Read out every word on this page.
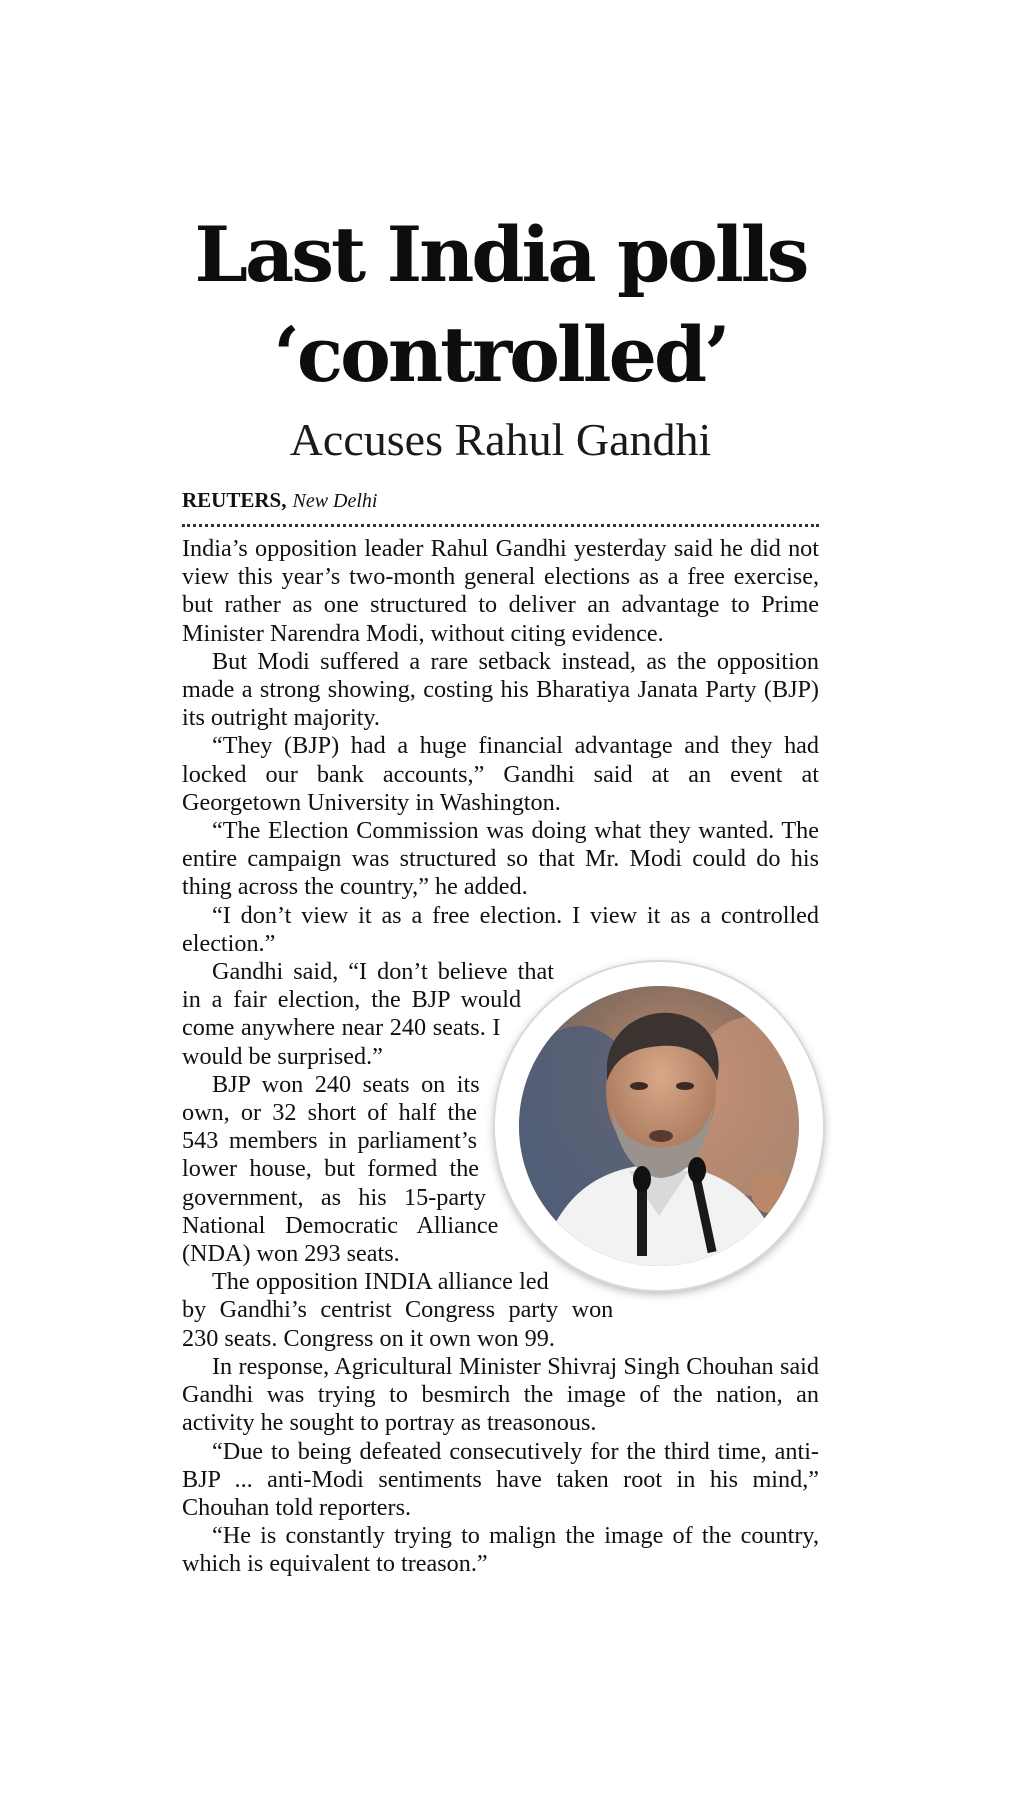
Last India polls
‘controlled’
Accuses Rahul Gandhi
REUTERS, New Delhi

India’s opposition leader Rahul Gandhi yesterday said he did not view this year’s two-month general elections as a free exercise, but rather as one structured to deliver an advantage to Prime Minister Narendra Modi, without citing evidence.

But Modi suffered a rare setback instead, as the opposition made a strong showing, costing his Bharatiya Janata Party (BJP) its outright majority.

“They (BJP) had a huge financial advantage and they had locked our bank accounts,” Gandhi said at an event at Georgetown University in Washington.

“The Election Commission was doing what they wanted. The entire campaign was structured so that Mr. Modi could do his thing across the country,” he added.

“I don’t view it as a free election. I view it as a controlled election.”

Gandhi said, “I don’t believe that in a fair election, the BJP would come anywhere near 240 seats. I would be surprised.”

BJP won 240 seats on its own, or 32 short of half the 543 members in parliament’s lower house, but formed the government, as his 15-party National Democratic Alliance (NDA) won 293 seats.

The opposition INDIA alliance led by Gandhi’s centrist Congress party won 230 seats. Congress on it own won 99.

In response, Agricultural Minister Shivraj Singh Chouhan said Gandhi was trying to besmirch the image of the nation, an activity he sought to portray as treasonous.

“Due to being defeated consecutively for the third time, anti-BJP ... anti-Modi sentiments have taken root in his mind,” Chouhan told reporters.

“He is constantly trying to malign the image of the country, which is equivalent to treason.”
